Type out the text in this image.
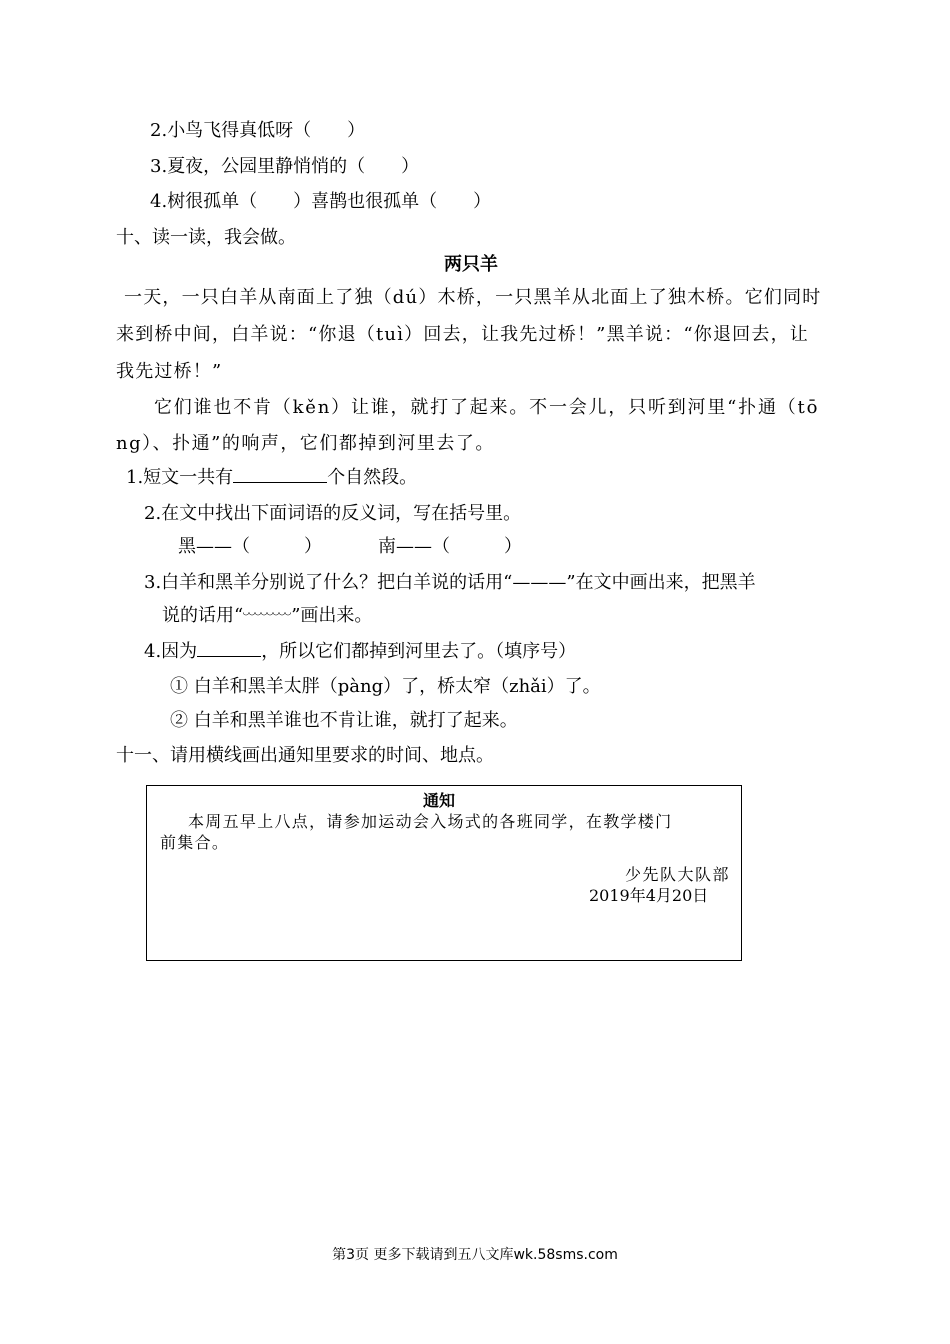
2.小鸟飞得真低呀（　　）
3.夏夜，公园里静悄悄的（　　）
4.树很孤单（　　）喜鹊也很孤单（　　）
十、读一读，我会做。
两只羊
一天，一只白羊从南面上了独（dú）木桥，一只黑羊从北面上了独木桥。它们同时
来到桥中间，白羊说：“你退（tuì）回去，让我先过桥！”黑羊说：“你退回去，让
我先过桥！”
它们谁也不肯（kěn）让谁，就打了起来。不一会儿，只听到河里“扑通（tō
ng）、扑通”的响声，它们都掉到河里去了。
1.短文一共有	个自然段。
2.在文中找出下面词语的反义词，写在括号里。
黑——（　　　）	南——（　　　）
3.白羊和黑羊分别说了什么？把白羊说的话用“———”在文中画出来，把黑羊
说的话用“	”画出来。
4.因为	，所以它们都掉到河里去了。（填序号）
① 白羊和黑羊太胖（pàng）了，桥太窄（zhǎi）了。
② 白羊和黑羊谁也不肯让谁，就打了起来。
十一、请用横线画出通知里要求的时间、地点。
通知
本周五早上八点，请参加运动会入场式的各班同学，在教学楼门
前集合。
少先队大队部
2019年4月20日
第3页 更多下载请到五八文库wk.58sms.com
